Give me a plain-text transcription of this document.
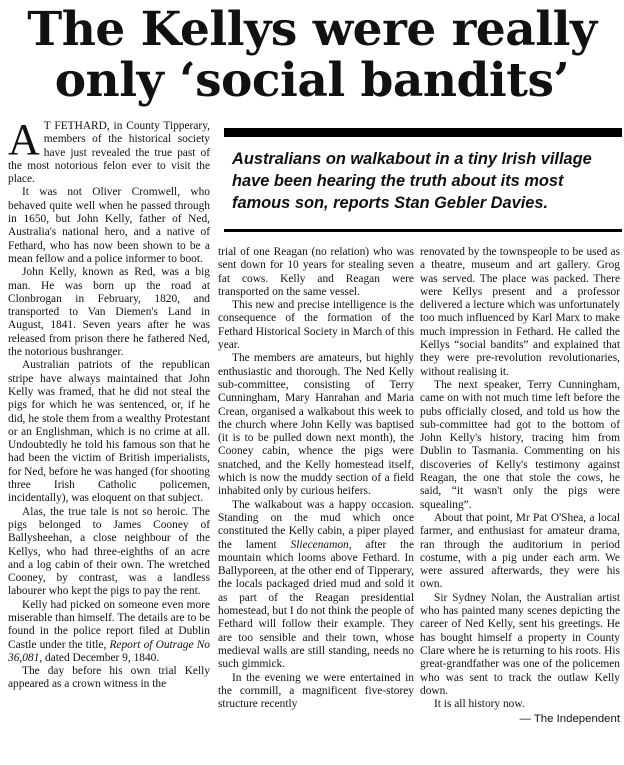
The Kellys were really
only ‘social bandits’
Australians on walkabout in a tiny Irish village have been hearing the truth about its most famous son, reports Stan Gebler Davies.

A T FETHARD, in County Tipperary, members of the historical society have just revealed the true past of the most notorious felon ever to visit the place.

It was not Oliver Cromwell, who behaved quite well when he passed through in 1650, but John Kelly, father of Ned, Australia's national hero, and a native of Fethard, who has now been shown to be a mean fellow and a police informer to boot.

John Kelly, known as Red, was a big man. He was born up the road at Clonbrogan in February, 1820, and transported to Van Diemen's Land in August, 1841. Seven years after he was released from prison there he fathered Ned, the notorious bushranger.

Australian patriots of the republican stripe have always maintained that John Kelly was framed, that he did not steal the pigs for which he was sentenced, or, if he did, he stole them from a wealthy Protestant or an Englishman, which is no crime at all. Undoubtedly he told his famous son that he had been the victim of British imperialists, for Ned, before he was hanged (for shooting three Irish Catholic policemen, incidentally), was eloquent on that subject.

Alas, the true tale is not so heroic. The pigs belonged to James Cooney of Ballysheehan, a close neighbour of the Kellys, who had three-eighths of an acre and a log cabin of their own. The wretched Cooney, by contrast, was a landless labourer who kept the pigs to pay the rent.

Kelly had picked on someone even more miserable than himself. The details are to be found in the police report filed at Dublin Castle under the title, Report of Outrage No 36,081, dated December 9, 1840.

The day before his own trial Kelly appeared as a crown witness in the

trial of one Reagan (no relation) who was sent down for 10 years for stealing seven fat cows. Kelly and Reagan were transported on the same vessel.

This new and precise intelligence is the consequence of the formation of the Fethard Historical Society in March of this year.

The members are amateurs, but highly enthusiastic and thorough. The Ned Kelly sub-committee, consisting of Terry Cunningham, Mary Hanrahan and Maria Crean, organised a walkabout this week to the church where John Kelly was baptised (it is to be pulled down next month), the Cooney cabin, whence the pigs were snatched, and the Kelly homestead itself, which is now the muddy section of a field inhabited only by curious heifers.

The walkabout was a happy occasion. Standing on the mud which once constituted the Kelly cabin, a piper played the lament Sliecenamon, after the mountain which looms above Fethard. In Ballyporeen, at the other end of Tipperary, the locals packaged dried mud and sold it as part of the Reagan presidential homestead, but I do not think the people of Fethard will follow their example. They are too sensible and their town, whose medieval walls are still standing, needs no such gimmick.

In the evening we were entertained in the cornmill, a magnificent five-storey structure recently

renovated by the townspeople to be used as a theatre, museum and art gallery. Grog was served. The place was packed. There were Kellys present and a professor delivered a lecture which was unfortunately too much influenced by Karl Marx to make much impression in Fethard. He called the Kellys “social bandits” and explained that they were pre-revolution revolutionaries, without realising it.

The next speaker, Terry Cunningham, came on with not much time left before the pubs officially closed, and told us how the sub-committee had got to the bottom of John Kelly's history, tracing him from Dublin to Tasmania. Commenting on his discoveries of Kelly's testimony against Reagan, the one that stole the cows, he said, “it wasn't only the pigs were squealing”.

About that point, Mr Pat O'Shea, a local farmer, and enthusiast for amateur drama, ran through the auditorium in period costume, with a pig under each arm. We were assured afterwards, they were his own.

Sir Sydney Nolan, the Australian artist who has painted many scenes depicting the career of Ned Kelly, sent his greetings. He has bought himself a property in County Clare where he is returning to his roots. His great-grandfather was one of the policemen who was sent to track the outlaw Kelly down.

It is all history now.

— The Independent
